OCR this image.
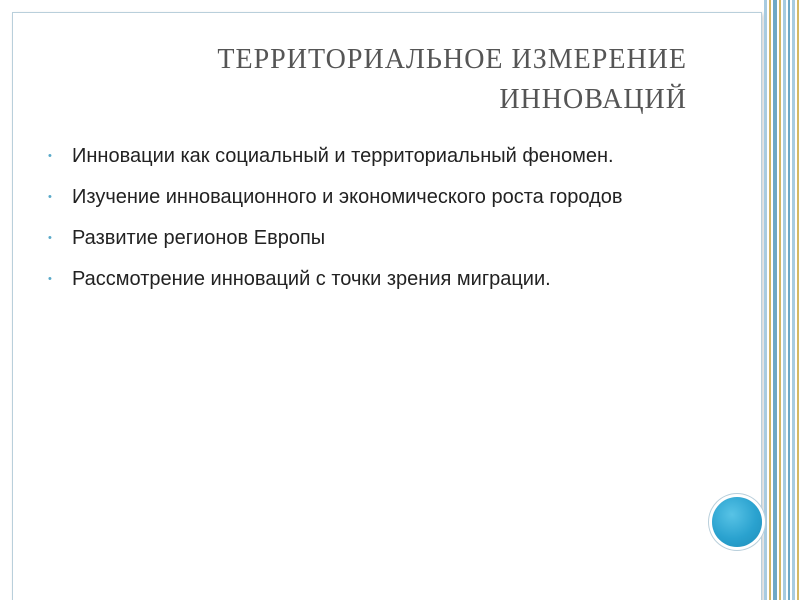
ТЕРРИТОРИАЛЬНОЕ ИЗМЕРЕНИЕ
ИННОВАЦИЙ
• Инновации как социальный и территориальный феномен.
• Изучение инновационного и экономического роста городов
• Развитие регионов Европы
• Рассмотрение инноваций с точки зрения миграции.
